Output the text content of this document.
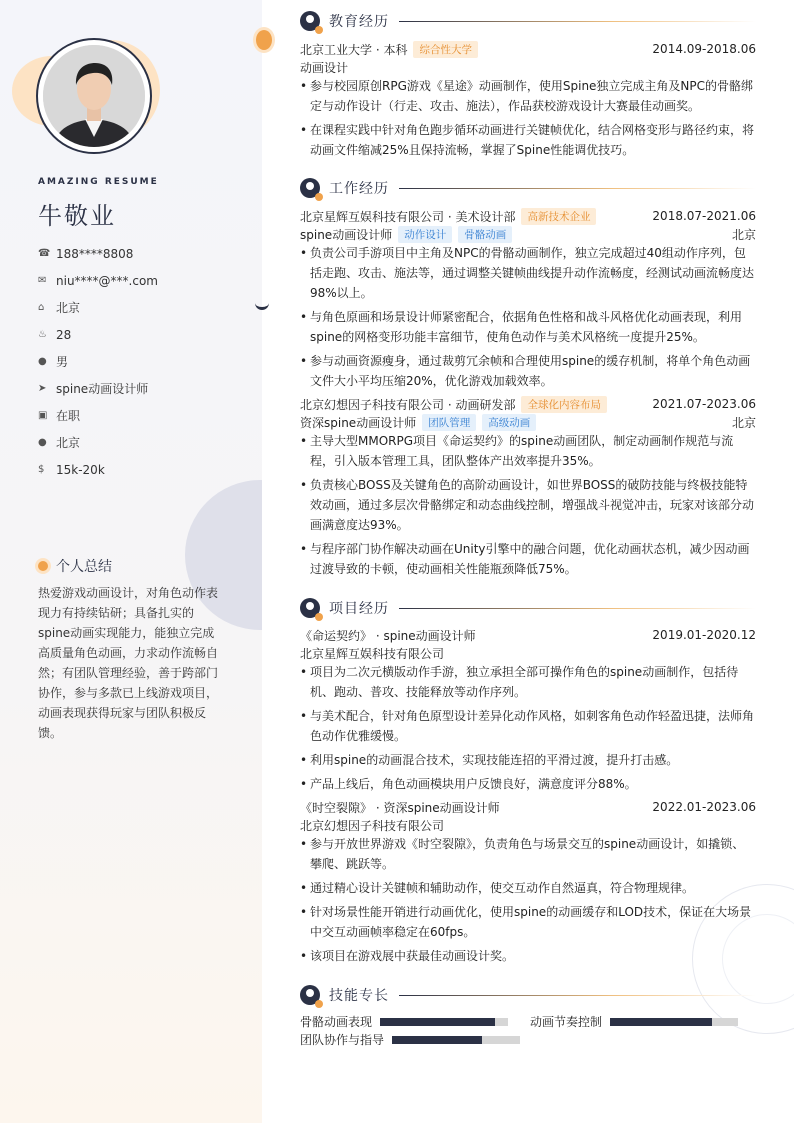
AMAZING RESUME
牛敬业
☎ 188****8808
✉ niu****@***.com
⌂ 北京
♨ 28
● 男
➤ spine动画设计师
▣ 在职
● 北京
$ 15k-20k
个人总结
热爱游戏动画设计，对角色动作表现力有持续钻研；具备扎实的spine动画实现能力，能独立完成高质量角色动画，力求动作流畅自然；有团队管理经验，善于跨部门协作，参与多款已上线游戏项目，动画表现获得玩家与团队积极反馈。
教育经历
北京工业大学 · 本科	综合性大学	2014.09-2018.06
动画设计
• 参与校园原创RPG游戏《星途》动画制作，使用Spine独立完成主角及NPC的骨骼绑定与动作设计（行走、攻击、施法），作品获校游戏设计大赛最佳动画奖。
• 在课程实践中针对角色跑步循环动画进行关键帧优化，结合网格变形与路径约束，将动画文件缩减25%且保持流畅，掌握了Spine性能调优技巧。
工作经历
北京星辉互娱科技有限公司 · 美术设计部	高新技术企业	2018.07-2021.06
spine动画设计师	动作设计	骨骼动画	北京
• 负责公司手游项目中主角及NPC的骨骼动画制作，独立完成超过40组动作序列，包括走跑、攻击、施法等，通过调整关键帧曲线提升动作流畅度，经测试动画流畅度达98%以上。
• 与角色原画和场景设计师紧密配合，依据角色性格和战斗风格优化动画表现，利用spine的网格变形功能丰富细节，使角色动作与美术风格统一度提升25%。
• 参与动画资源瘦身，通过裁剪冗余帧和合理使用spine的缓存机制，将单个角色动画文件大小平均压缩20%，优化游戏加载效率。
北京幻想因子科技有限公司 · 动画研发部	全球化内容布局	2021.07-2023.06
资深spine动画设计师	团队管理	高级动画	北京
• 主导大型MMORPG项目《命运契约》的spine动画团队，制定动画制作规范与流程，引入版本管理工具，团队整体产出效率提升35%。
• 负责核心BOSS及关键角色的高阶动画设计，如世界BOSS的破防技能与终极技能特效动画，通过多层次骨骼绑定和动态曲线控制，增强战斗视觉冲击，玩家对该部分动画满意度达93%。
• 与程序部门协作解决动画在Unity引擎中的融合问题，优化动画状态机，减少因动画过渡导致的卡顿，使动画相关性能瓶颈降低75%。
项目经历
《命运契约》 · spine动画设计师	2019.01-2020.12
北京星辉互娱科技有限公司
• 项目为二次元横版动作手游，独立承担全部可操作角色的spine动画制作，包括待机、跑动、普攻、技能释放等动作序列。
• 与美术配合，针对角色原型设计差异化动作风格，如刺客角色动作轻盈迅捷，法师角色动作优雅缓慢。
• 利用spine的动画混合技术，实现技能连招的平滑过渡，提升打击感。
• 产品上线后，角色动画模块用户反馈良好，满意度评分88%。
《时空裂隙》 · 资深spine动画设计师	2022.01-2023.06
北京幻想因子科技有限公司
• 参与开放世界游戏《时空裂隙》，负责角色与场景交互的spine动画设计，如撬锁、攀爬、跳跃等。
• 通过精心设计关键帧和辅助动作，使交互动作自然逼真，符合物理规律。
• 针对场景性能开销进行动画优化，使用spine的动画缓存和LOD技术，保证在大场景中交互动画帧率稳定在60fps。
• 该项目在游戏展中获最佳动画设计奖。
技能专长
骨骼动画表现	动画节奏控制
团队协作与指导
